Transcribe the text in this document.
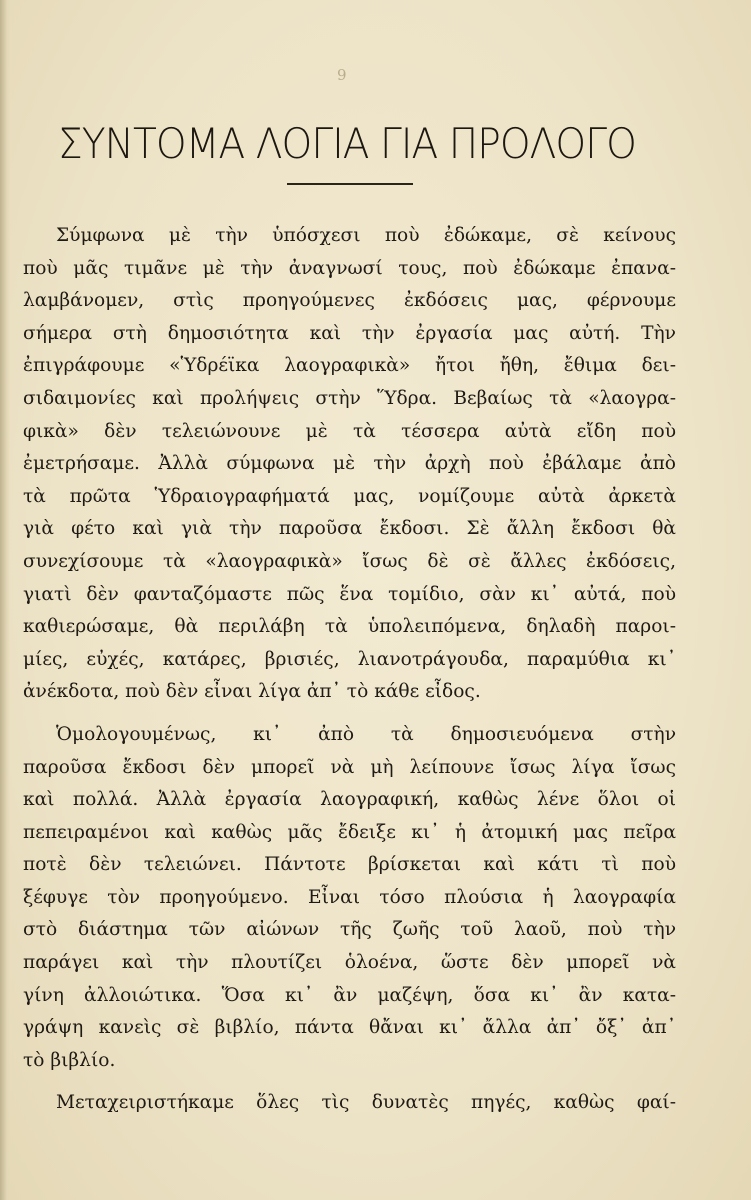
9
ΣΥΝΤΟΜΑ ΛΟΓΙΑ ΓΙΑ ΠΡΟΛΟΓΟ
Σύμφωνα μὲ τὴν ὑπόσχεσι ποὺ ἐδώκαμε, σὲ κείνους
ποὺ μᾶς τιμᾶνε μὲ τὴν ἀναγνωσί τους, ποὺ ἐδώκαμε ἐπανα-
λαμβάνομεν, στὶς προηγούμενες ἐκδόσεις μας, φέρνουμε
σήμερα στὴ δημοσιότητα καὶ τὴν ἐργασία μας αὐτή. Τὴν
ἐπιγράφουμε «Ὑδρέϊκα λαογραφικὰ» ἤτοι ἤθη, ἔθιμα δει-
σιδαιμονίες καὶ προλήψεις στὴν Ὕδρα. Βεβαίως τὰ «λαογρα-
φικὰ» δὲν τελειώνουνε μὲ τὰ τέσσερα αὐτὰ εἴδη ποὺ
ἐμετρήσαμε. Ἀλλὰ σύμφωνα μὲ τὴν ἀρχὴ ποὺ ἐβάλαμε ἀπὸ
τὰ πρῶτα Ὑδραιογραφήματά μας, νομίζουμε αὐτὰ ἀρκετὰ
γιὰ φέτο καὶ γιὰ τὴν παροῦσα ἔκδοσι. Σὲ ἄλλη ἔκδοσι θὰ
συνεχίσουμε τὰ «λαογραφικὰ» ἴσως δὲ σὲ ἄλλες ἐκδόσεις,
γιατὶ δὲν φανταζόμαστε πῶς ἕνα τομίδιο, σὰν κι᾿ αὐτά, ποὺ
καθιερώσαμε, θὰ περιλάβη τὰ ὑπολειπόμενα, δηλαδὴ παροι-
μίες, εὐχές, κατάρες, βρισιές, λιανοτράγουδα, παραμύθια κι᾿
ἀνέκδοτα, ποὺ δὲν εἶναι λίγα ἀπ᾿ τὸ κάθε εἶδος.
Ὁμολογουμένως, κι᾿ ἀπὸ τὰ δημοσιευόμενα στὴν
παροῦσα ἔκδοσι δὲν μπορεῖ νὰ μὴ λείπουνε ἴσως λίγα ἴσως
καὶ πολλά. Ἀλλὰ ἐργασία λαογραφική, καθὼς λένε ὅλοι οἱ
πεπειραμένοι καὶ καθὼς μᾶς ἔδειξε κι᾿ ἡ ἀτομική μας πεῖρα
ποτὲ δὲν τελειώνει. Πάντοτε βρίσκεται καὶ κάτι τὶ ποὺ
ξέφυγε τὸν προηγούμενο. Εἶναι τόσο πλούσια ἡ λαογραφία
στὸ διάστημα τῶν αἰώνων τῆς ζωῆς τοῦ λαοῦ, ποὺ τὴν
παράγει καὶ τὴν πλουτίζει ὁλοένα, ὥστε δὲν μπορεῖ νὰ
γίνη ἀλλοιώτικα. Ὅσα κι᾿ ἂν μαζέψη, ὅσα κι᾿ ἂν κατα-
γράψη κανεὶς σὲ βιβλίο, πάντα θἄναι κι᾿ ἄλλα ἀπ᾿ ὄξ᾿ ἀπ᾿
τὸ βιβλίο.
Μεταχειριστήκαμε ὅλες τὶς δυνατὲς πηγές, καθὼς φαί-
